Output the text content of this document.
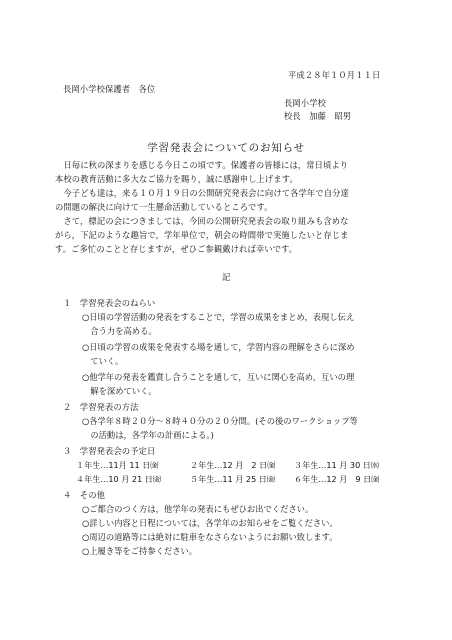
平成２８年１０月１１日
長岡小学校保護者　各位
長岡小学校
校長　加藤　昭男
学習発表会についてのお知らせ
　日毎に秋の深まりを感じる今日この頃です。保護者の皆様には，常日頃より
本校の教育活動に多大なご協力を賜り，誠に感謝申し上げます。
　今子ども達は，来る１０月１９日の公開研究発表会に向けて各学年で自分達
の問題の解決に向けて一生懸命活動しているところです。
　さて，標記の会につきましては，今回の公開研究発表会の取り組みも含めな
がら，下記のような趣旨で，学年単位で，朝会の時間帯で実施したいと存じま
す。ご多忙のことと存じますが，ぜひご参観戴ければ幸いです。
記
１　学習発表会のねらい
○日頃の学習活動の発表をすることで，学習の成果をまとめ，表現し伝え
　合う力を高める。
○日頃の学習の成果を発表する場を通して，学習内容の理解をさらに深め
　ていく。
○他学年の発表を鑑賞し合うことを通して，互いに関心を高め，互いの理
　解を深めていく。
２　学習発表の方法
○各学年８時２０分～８時４０分の２０分間。(その後のワークショップ等
　の活動は，各学年の計画による。)
３　学習発表会の予定日
１年生…11月 11 日㈮	２年生…12 月　2 日㈮ ３年生…11 月 30 日㈬
４年生…10 月 21 日㈮	５年生…11 月 25 日㈮ ６年生…12 月　9 日㈮
４　その他
○ご都合のつく方は，他学年の発表にもぜひお出でください。
○詳しい内容と日程については，各学年のお知らせをご覧ください。
○周辺の道路等には絶対に駐車をなさらないようにお願い致します。
○上履き等をご持参ください。
